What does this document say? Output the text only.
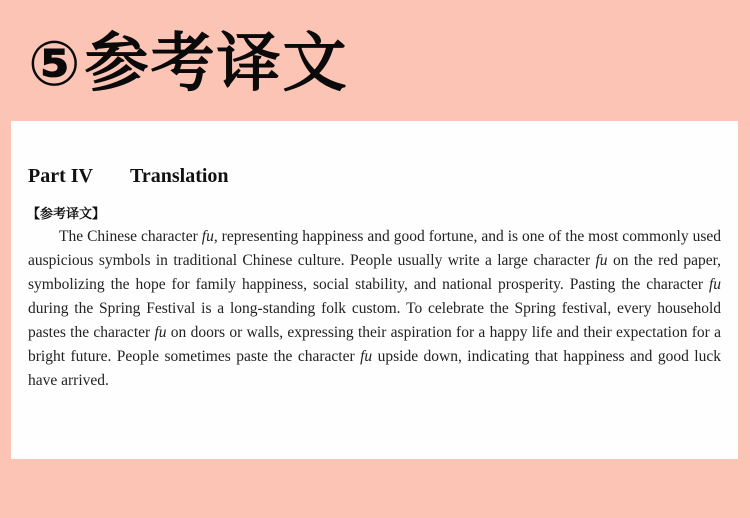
⑤ 参考译文
Part IV Translation
【参考译文】

The Chinese character fu, representing happiness and good fortune, and is one of the most commonly used auspicious symbols in traditional Chinese culture. People usually write a large character fu on the red paper, symbolizing the hope for family happiness, social stability, and national prosperity. Pasting the character fu during the Spring Festival is a long-standing folk custom. To celebrate the Spring festival, every household pastes the character fu on doors or walls, expressing their aspiration for a happy life and their expectation for a bright future. People sometimes paste the character fu upside down, indicating that happiness and good luck have arrived.
